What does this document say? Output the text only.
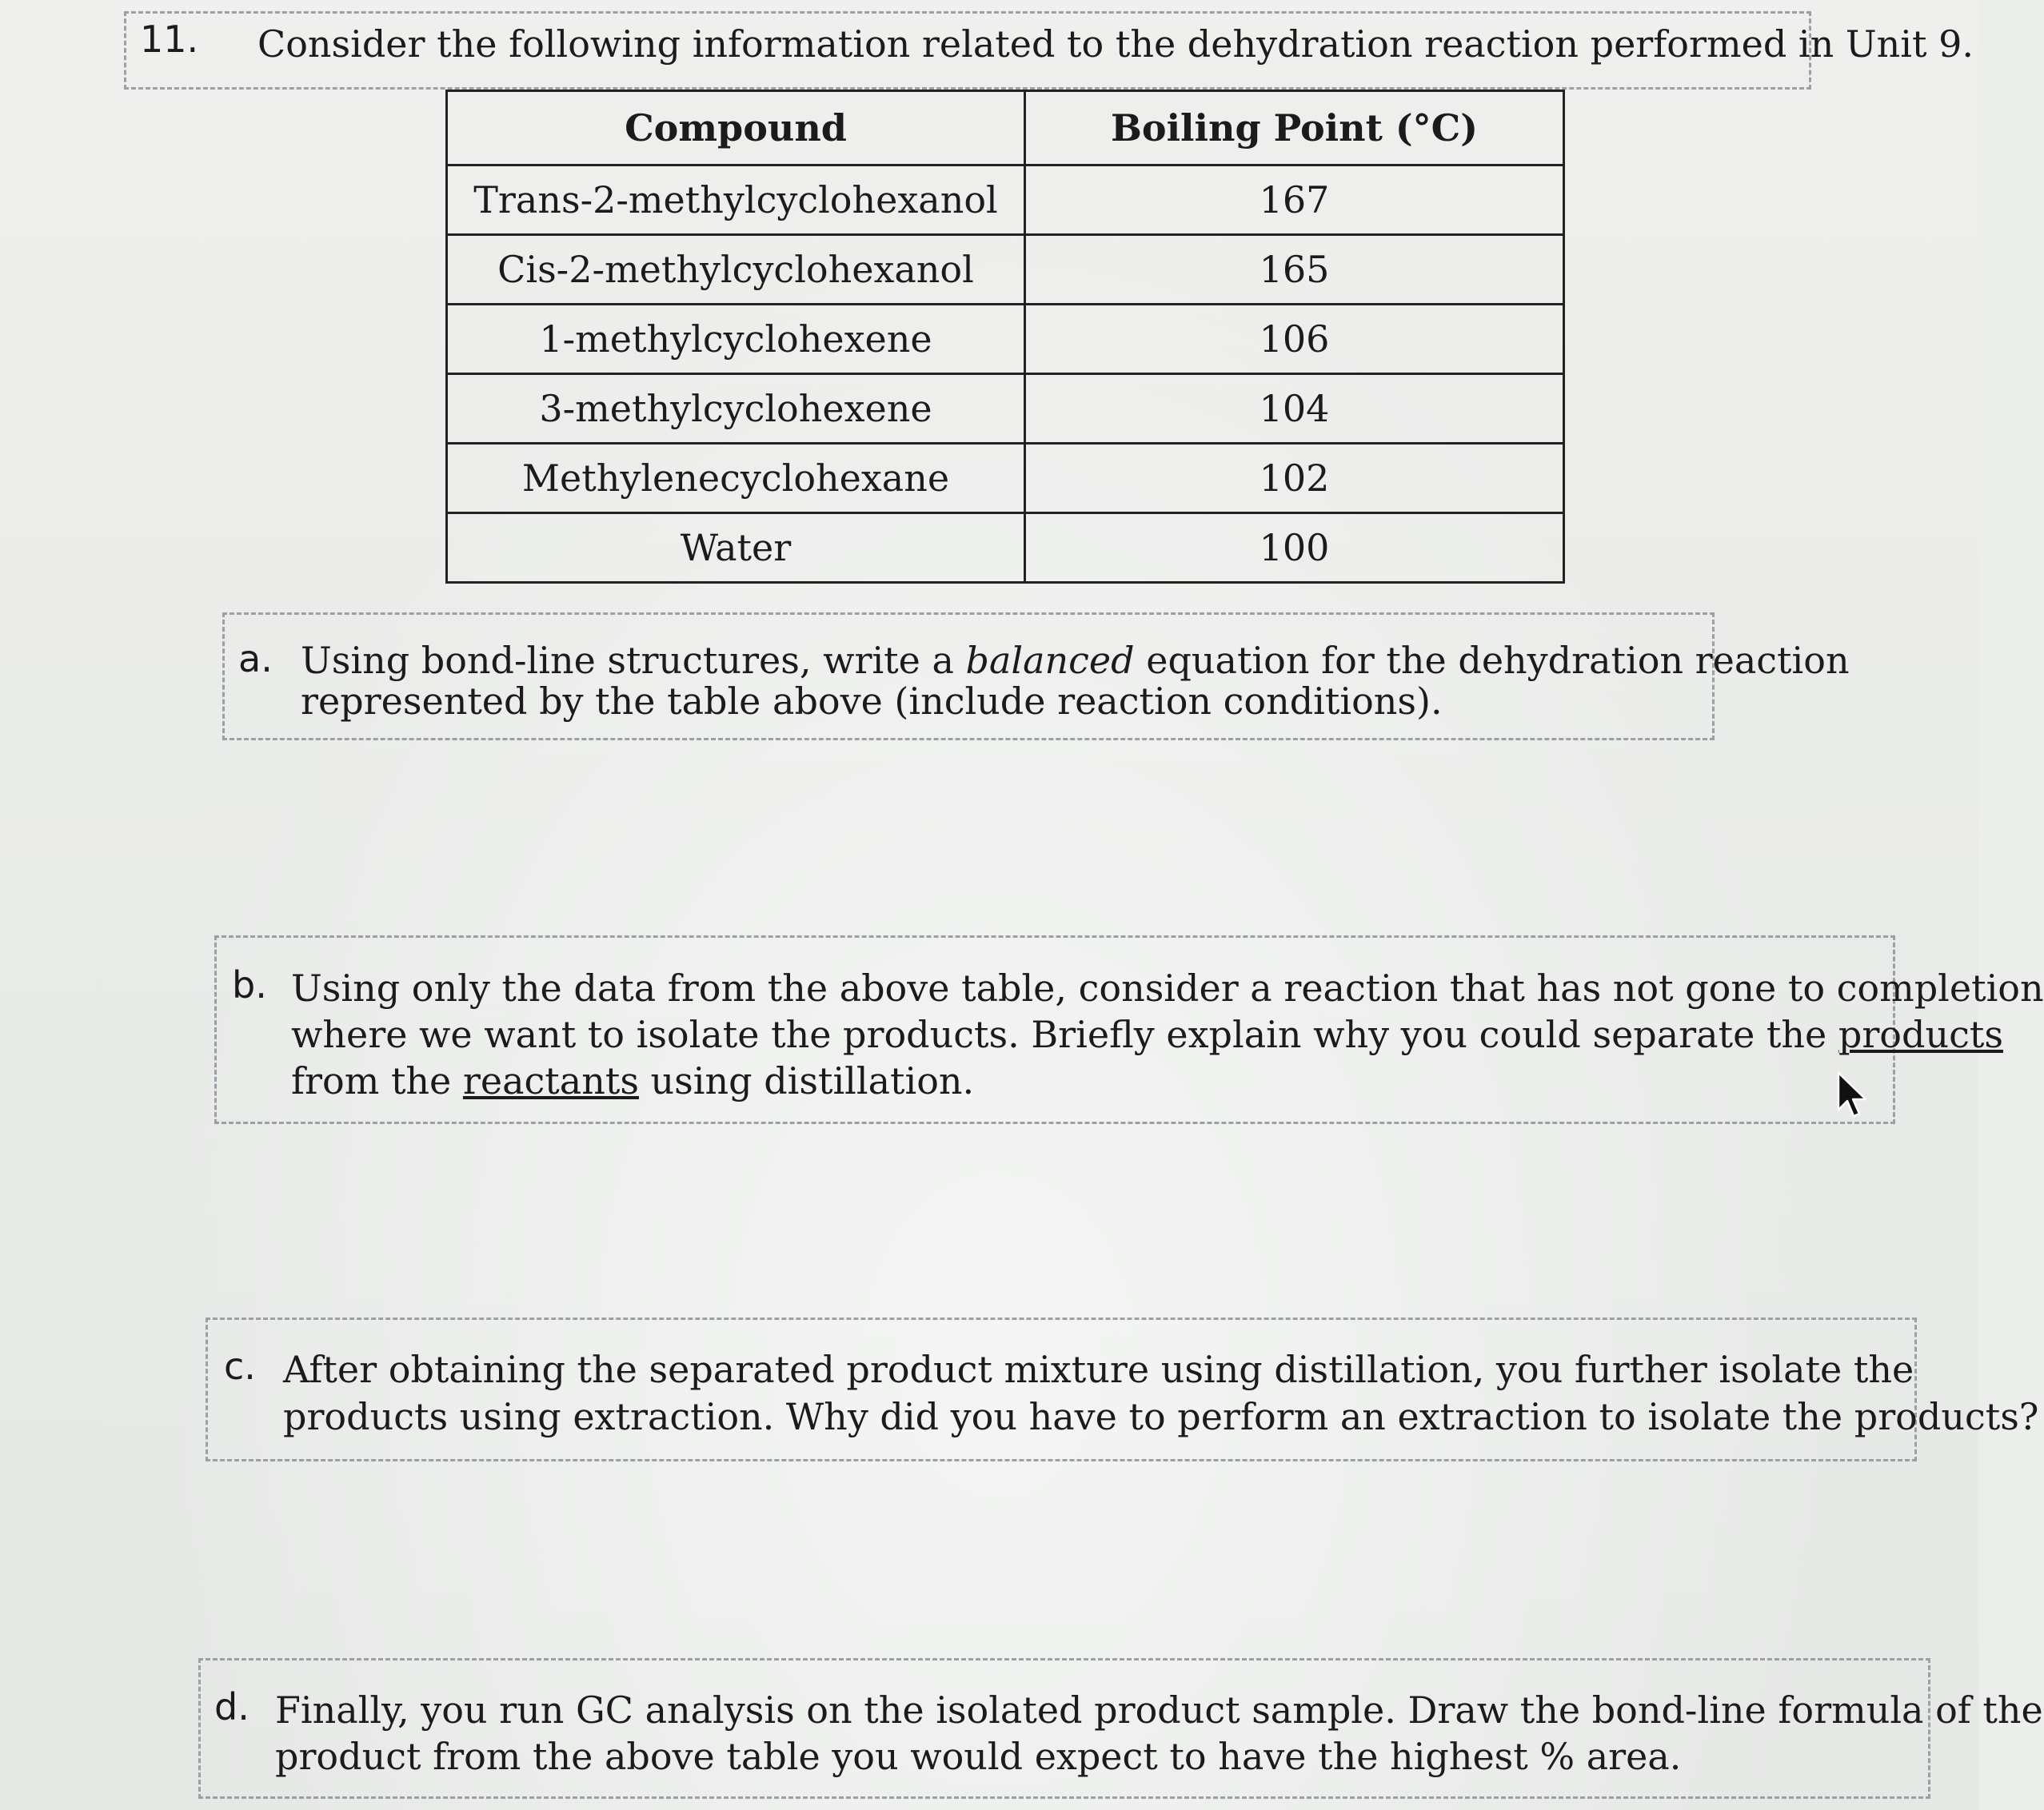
11. Consider the following information related to the dehydration reaction performed in Unit 9.
Compound	Boiling Point (°C)
Trans-2-methylcyclohexanol	167
Cis-2-methylcyclohexanol	165
1-methylcyclohexene	106
3-methylcyclohexene	104
Methylenecyclohexane	102
Water	100
a. Using bond-line structures, write a balanced equation for the dehydration reaction
represented by the table above (include reaction conditions).
b. Using only the data from the above table, consider a reaction that has not gone to completion
where we want to isolate the products. Briefly explain why you could separate the products
from the reactants using distillation.
c. After obtaining the separated product mixture using distillation, you further isolate the
products using extraction. Why did you have to perform an extraction to isolate the products?
d. Finally, you run GC analysis on the isolated product sample. Draw the bond-line formula of the
product from the above table you would expect to have the highest % area.
